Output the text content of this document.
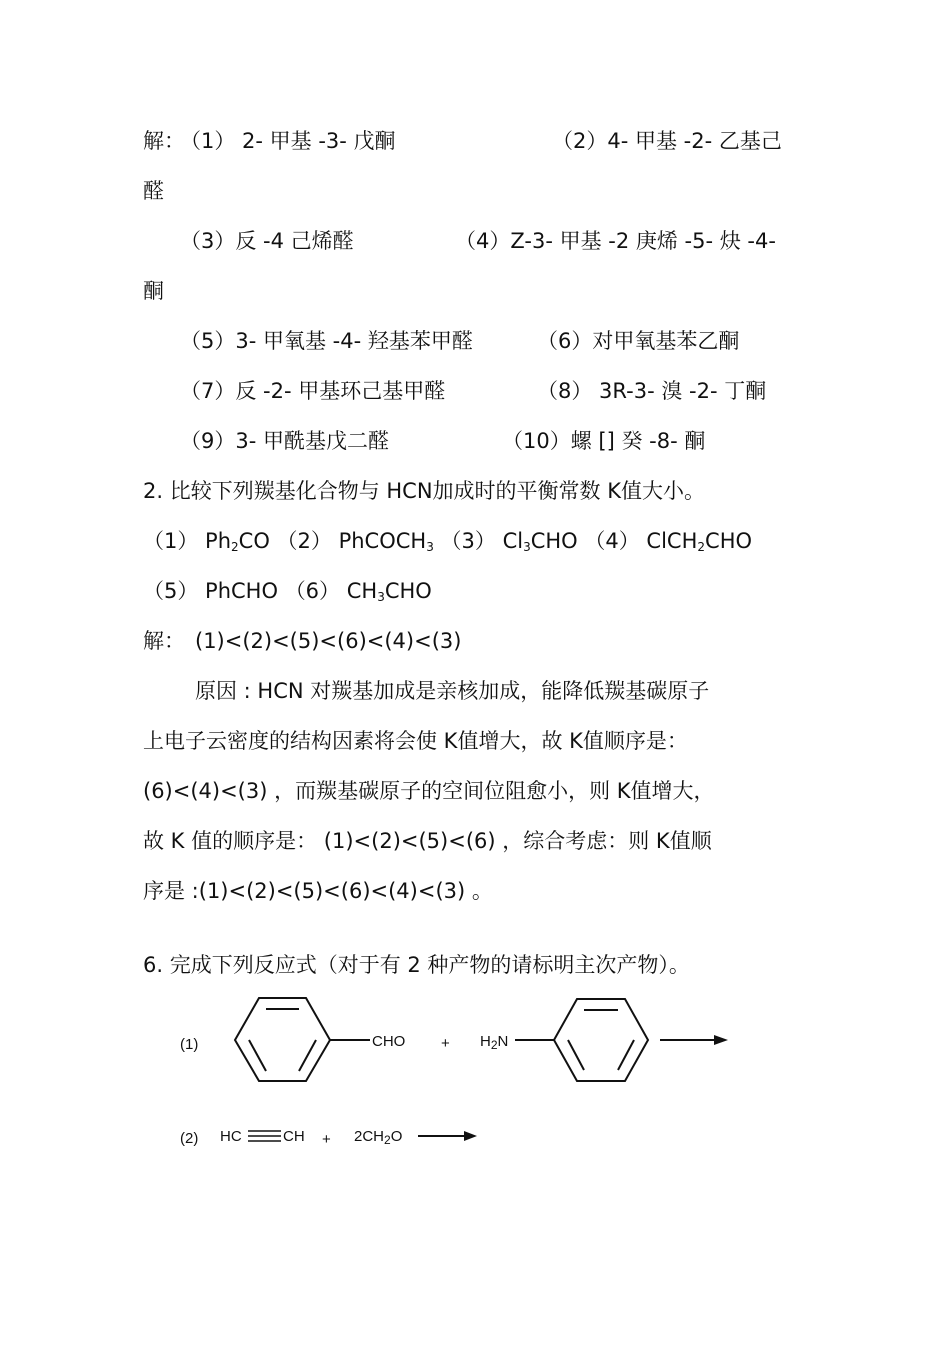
解：
（1） 2- 甲基 -3- 戊酮	（2）4- 甲基 -2- 乙基己
醛
（3）反 -4 己烯醛	（4）Z-3- 甲基 -2 庚烯 -5- 炔 -4-
酮
（5）3- 甲氧基 -4- 羟基苯甲醛	（6）对甲氧基苯乙酮
（7）反 -2- 甲基环己基甲醛	（8） 3R-3- 溴 -2- 丁酮
（9）3- 甲酰基戊二醛	（10）螺 [] 癸 -8- 酮
2. 比较下列羰基化合物与 HCN加成时的平衡常数 K值大小。
（1） $Ph_2CO$ （2） PhCOCH$_3$ （3） $Cl_3CHO$ （4） ClCH$_2$CHO
（5） PhCHO （6） $CH_3CHO$
解： (1)<(2)<(5)<(6)<(4)<(3)
原因 : HCN 对羰基加成是亲核加成，能降低羰基碳原子
上电子云密度的结构因素将会使 K值增大，故 K值顺序是：
(6)<(4)<(3) ，而羰基碳原子的空间位阻愈小，则 K值增大，
故 K 值的顺序是： (1)<(2)<(5)<(6) ，综合考虑：则 K值顺
序是 :(1)<(2)<(5)<(6)<(4)<(3) 。
6. 完成下列反应式（对于有 2 种产物的请标明主次产物）。
(1)	CHO + $H_2N$
(2) HC	CH + $2CH_2O$
